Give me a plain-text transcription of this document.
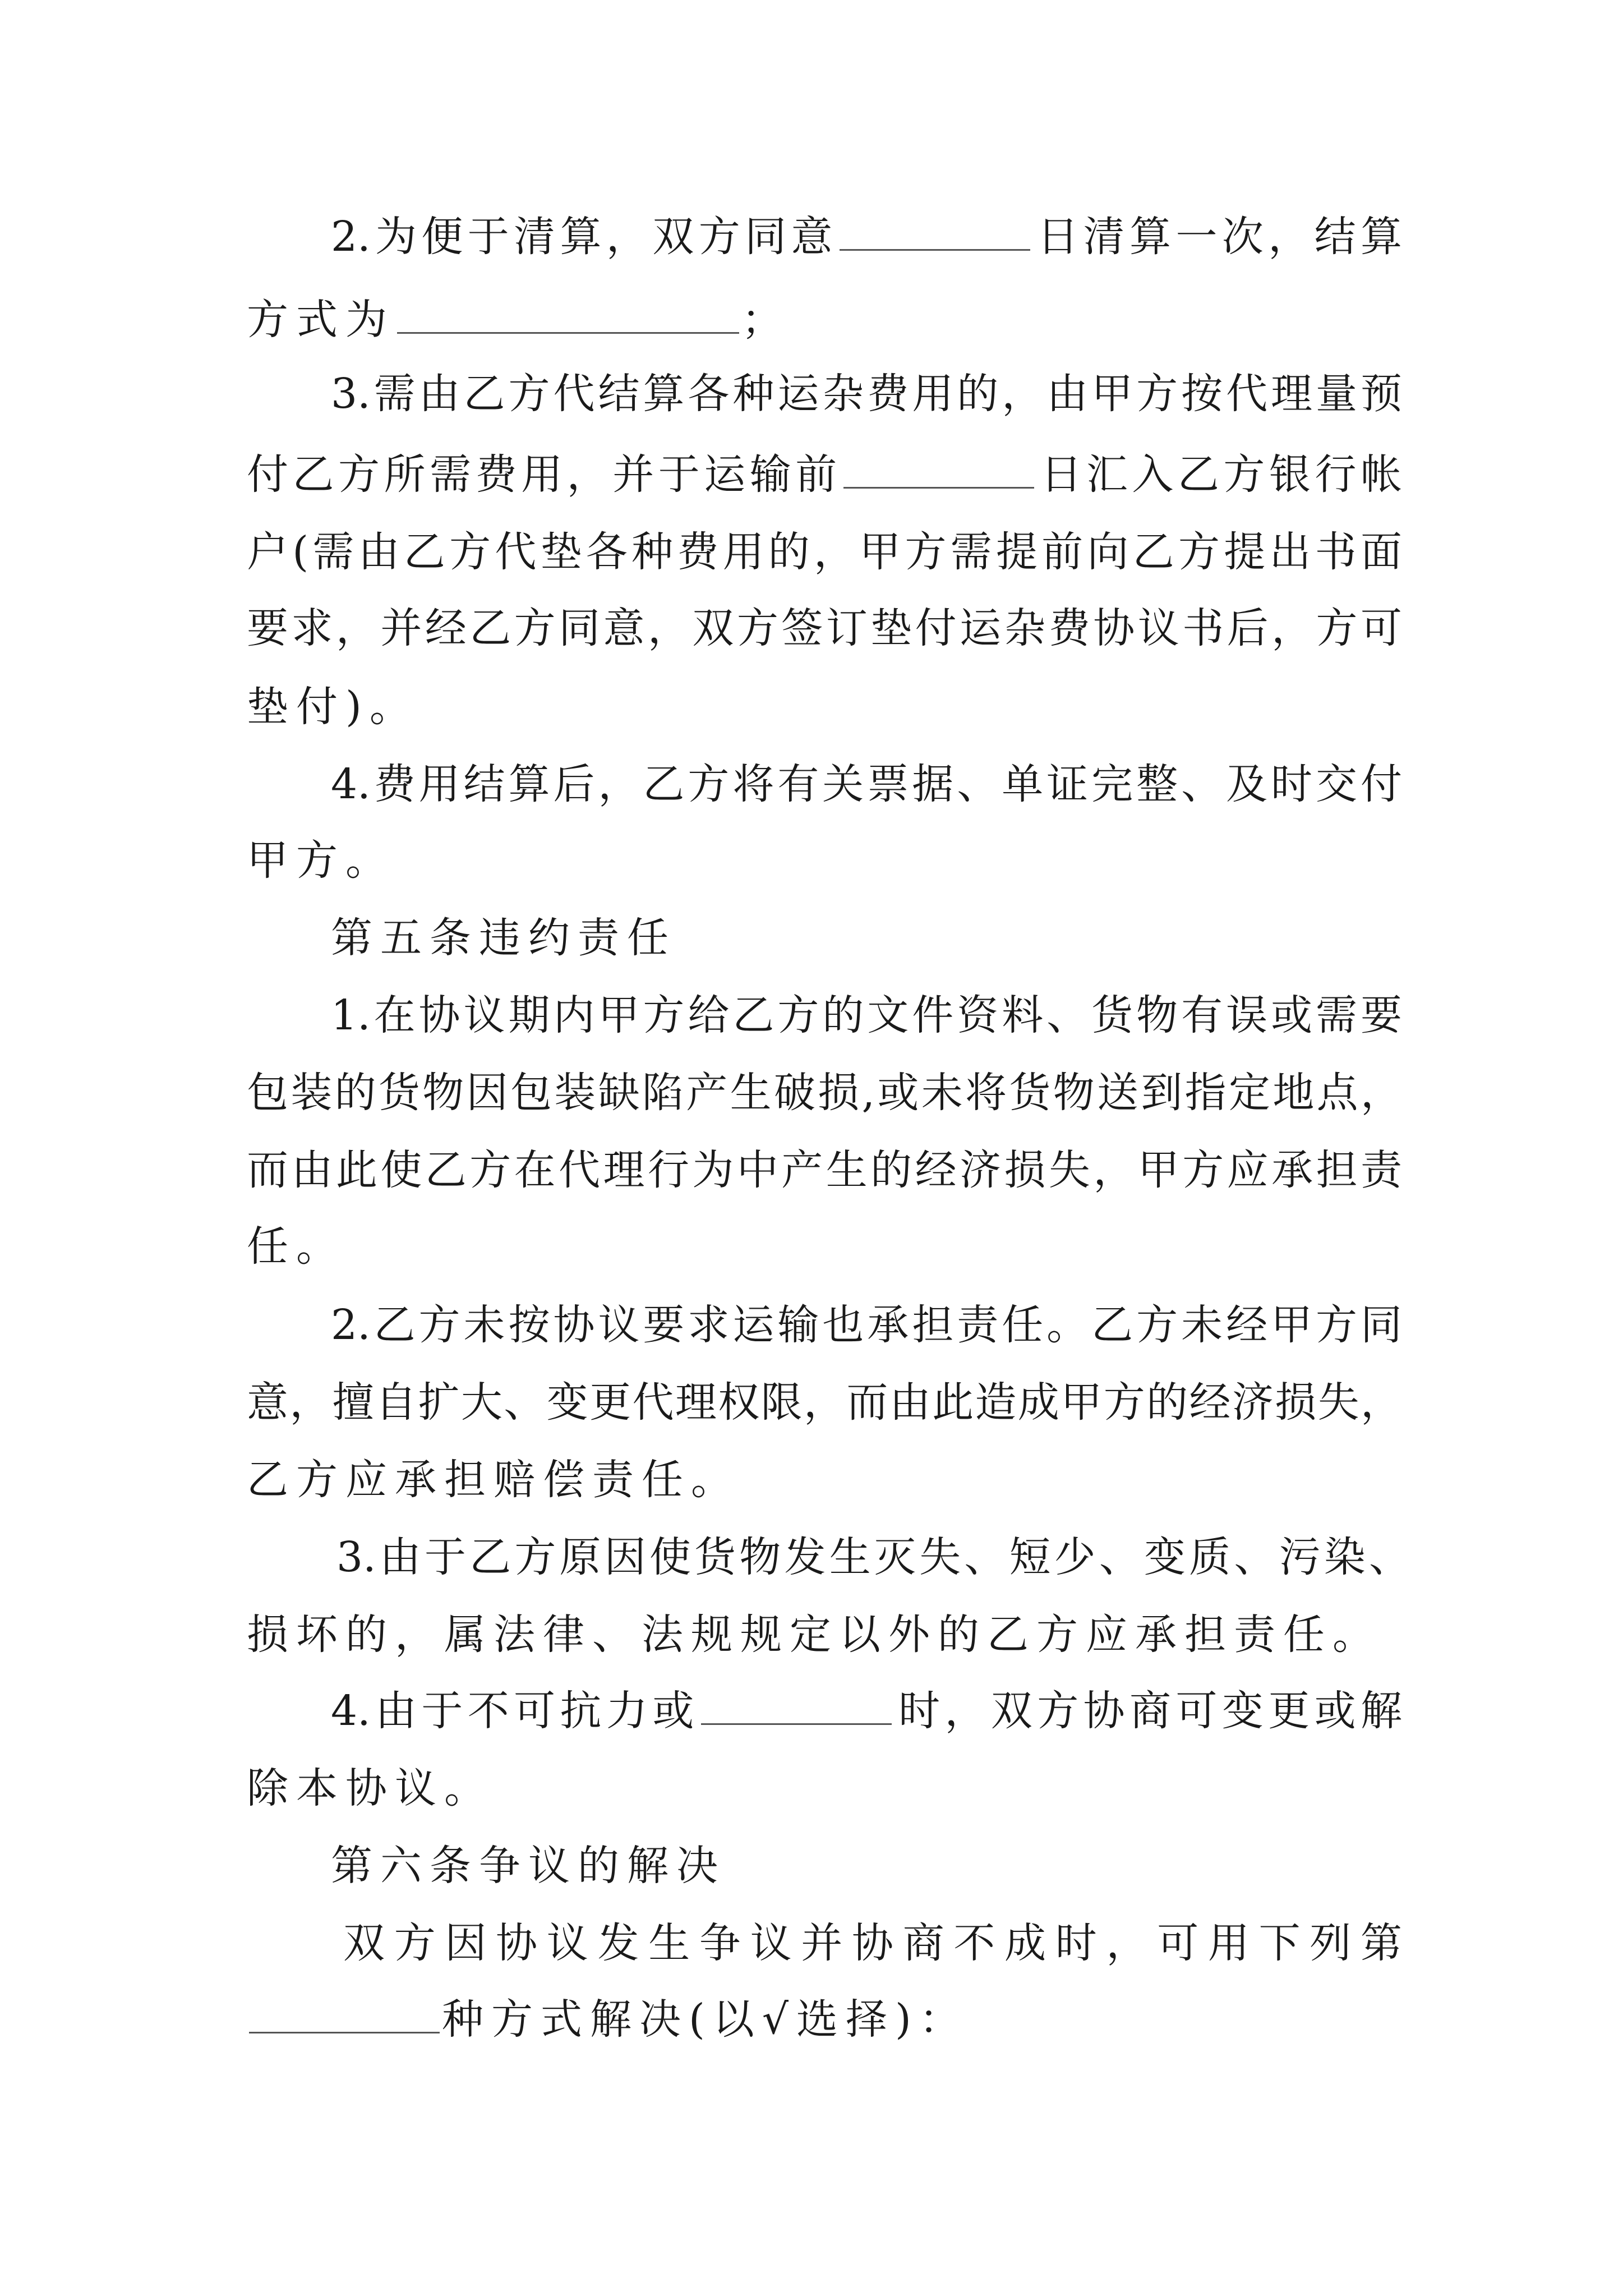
2.为便于清算，双方同意	日清算一次，结算
方式为	；
3.需由乙方代结算各种运杂费用的，由甲方按代理量预
付乙方所需费用，并于运输前	日汇入乙方银行帐
户(需由乙方代垫各种费用的，甲方需提前向乙方提出书面
要求，并经乙方同意，双方签订垫付运杂费协议书后，方可
垫付)。
4.费用结算后，乙方将有关票据、单证完整、及时交付
甲方。
第五条违约责任
1.在协议期内甲方给乙方的文件资料、货物有误或需要
包装的货物因包装缺陷产生破损,或未将货物送到指定地点，
而由此使乙方在代理行为中产生的经济损失，甲方应承担责
任。
2.乙方未按协议要求运输也承担责任。乙方未经甲方同
意，擅自扩大、变更代理权限，而由此造成甲方的经济损失，
乙方应承担赔偿责任。
3.由于乙方原因使货物发生灭失、短少、变质、污染、
损坏的，属法律、法规规定以外的乙方应承担责任。
4.由于不可抗力或	时，双方协商可变更或解
除本协议。
第六条争议的解决
双方因协议发生争议并协商不成时，可用下列第
种方式解决(以√选择)：
